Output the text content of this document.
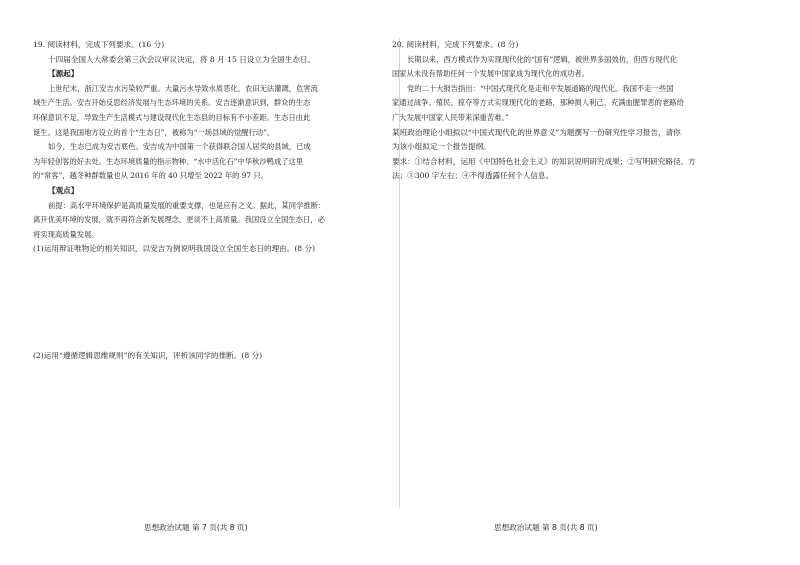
19. 阅读材料，完成下列要求。(16 分)
十四届全国人大常委会第三次会议审议决定，将 8 月 15 日设立为全国生态日。
【源起】
上世纪末，浙江安吉水污染较严重。大量污水导致水质恶化，农田无法灌溉，危害流
域生产生活。安吉开始反思经济发展与生态环境的关系。安吉逐渐意识到，群众的生态
环保意识不足，导致生产生活模式与建设现代化生态县的目标有不小差距。生态日由此
诞生。这是我国地方设立的首个“生态日”，被称为“一场县域的觉醒行动”。
如今，生态已成为安吉底色。安吉成为中国第一个获得联合国人居奖的县域，已成
为年轻创客的好去处。生态环境质量的指示物种、“水中活化石”中华秋沙鸭成了这里
的“常客”，越冬种群数量也从 2016 年的 40 只增至 2022 年的 97 只。
【观点】
前提：高水平环境保护是高质量发展的重要支撑，也是应有之义。据此，某同学推断：
离开优美环境的发展，就不再符合新发展理念，更谈不上高质量。我国设立全国生态日，必
将实现高质量发展。
(1)运用辩证唯物论的相关知识，以安吉为例说明我国设立全国生态日的理由。(8 分)
(2)运用“遵循逻辑思维规则”的有关知识，评析该同学的推断。(8 分)
思想政治试题 第 7 页(共 8 页)
20. 阅读材料，完成下列要求。(8 分)
长期以来，西方模式作为实现现代化的“国有”逻辑，被世界多国效仿，但西方现代化
国家从未没有帮助任何一个发展中国家成为现代化的成功者。
党的二十大报告指出：“中国式现代化是走和平发展道路的现代化。我国不走一些国
家通过战争、殖民、掠夺等方式实现现代化的老路，那种损人利己、充满血腥罪恶的老路给
广大发展中国家人民带来深重苦难。”
某班政治理论小组拟以“中国式现代化的世界意义”为题撰写一份研究性学习报告，请你
为该小组拟定一个报告提纲。
要求：①结合材料，运用《中国特色社会主义》的知识说明研究成果；②写明研究路径、方
法；③300 字左右；④不得透露任何个人信息。
思想政治试题 第 8 页(共 8 页)
